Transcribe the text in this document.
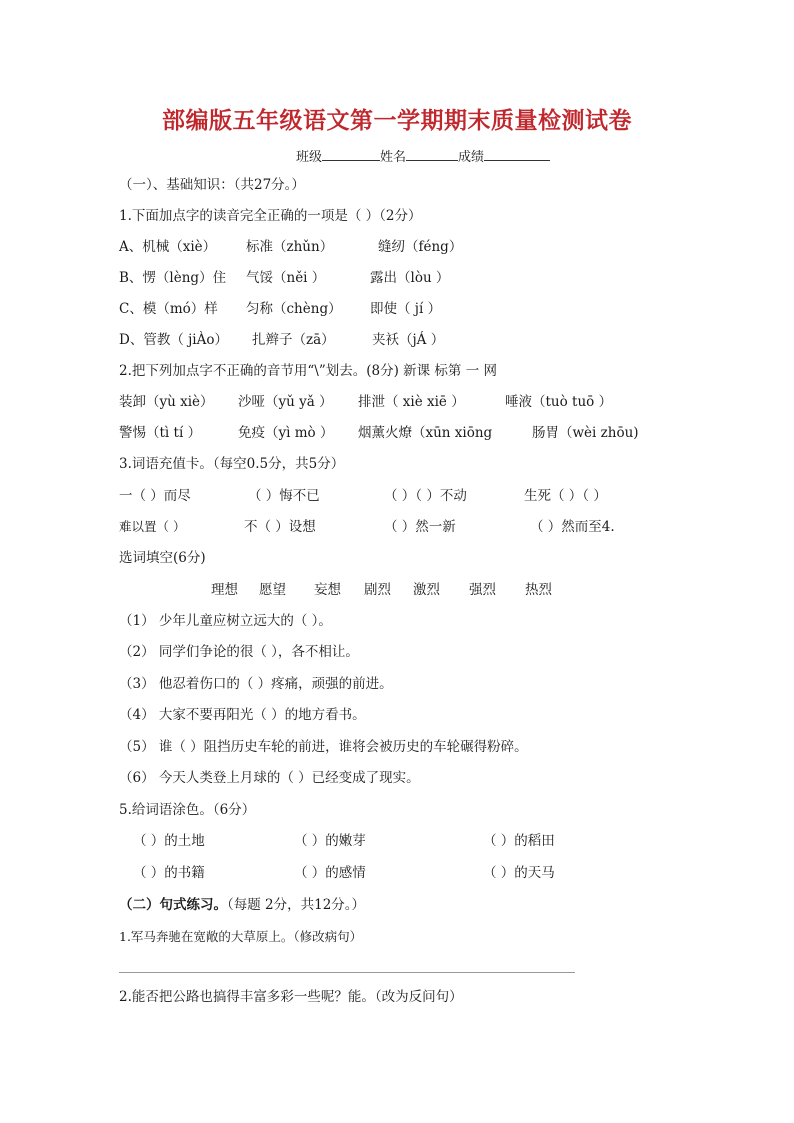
部编版五年级语文第一学期期末质量检测试卷
班级	姓名	成绩
（一）、基础知识：（共27分。）
1.下面加点字的读音完全正确的一项是（ ）（2分）
A、机械（xiè） 标准（zhǔn）	缝纫（féng）
B、愣（lèng）住 气馁（něi ）	露出（lòu ）
C、模（mó）样 匀称（chèng） 即使（ jí ）
D、管教（ jiÀo） 扎辫子（zā）	夹袄（jÁ ）
2.把下列加点字不正确的音节用“\”划去。(8分) 新课 标第 一 网
装卸（yù xiè） 沙哑（yǔ yǎ ） 排泄（ xiè xiē ）	唾液（tuò tuō ）
警惕（tì tí ）	免疫（yì mò ） 烟薰火燎（xūn xiōng	肠胃（wèi zhōu)
3.词语充值卡。（每空0.5分，共5分）
一（ ）而尽	（ ）悔不已	（ ）（ ）不动	生死（ ）（ ）
难以置（ ）	不（ ）设想	（ ）然一新	（ ）然而至4.
选词填空(6分)
理想 愿望 妄想 剧烈 激烈 强烈 热烈
（1） 少年儿童应树立远大的（ ）。
（2） 同学们争论的很（ ），各不相让。
（3） 他忍着伤口的（ ）疼痛，顽强的前进。
（4） 大家不要再阳光（ ）的地方看书。
（5） 谁（ ）阻挡历史车轮的前进，谁将会被历史的车轮碾得粉碎。
（6） 今天人类登上月球的（ ）已经变成了现实。
5.给词语涂色。（6分）
（ ）的土地	（ ）的嫩芽	（ ）的稻田
（ ）的书籍	（ ）的感情	（ ）的天马
（二）句式练习。（每题 2分，共12分。）
1.军马奔驰在宽敞的大草原上。（修改病句）
2.能否把公路也搞得丰富多彩一些呢？能。（改为反问句）
